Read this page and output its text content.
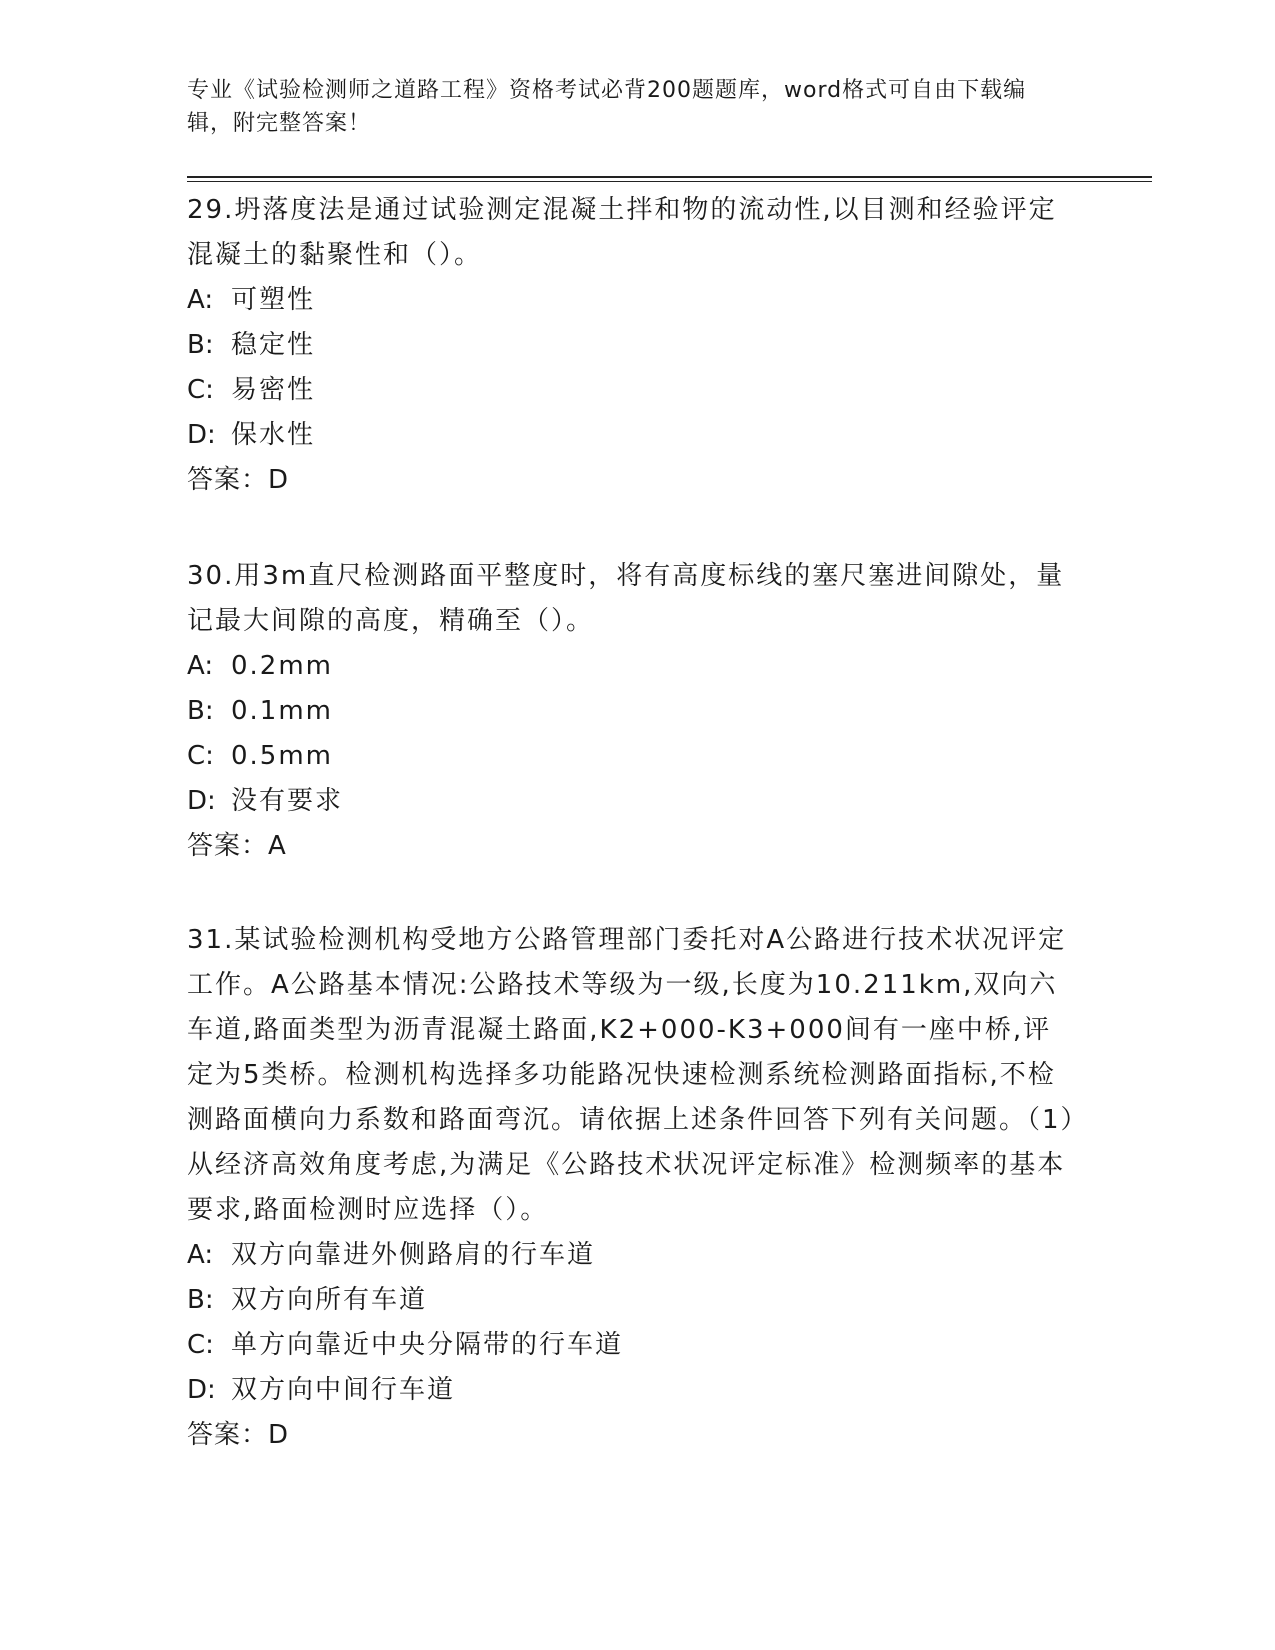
专业《试验检测师之道路工程》资格考试必背200题题库，word格式可自由下载编辑，附完整答案！

29.坍落度法是通过试验测定混凝土拌和物的流动性,以目测和经验评定混凝土的黏聚性和（）。

A: 可塑性

B: 稳定性

C: 易密性

D: 保水性

答案：D

30.用3m直尺检测路面平整度时，将有高度标线的塞尺塞进间隙处，量记最大间隙的高度，精确至（）。

A: 0.2mm

B: 0.1mm

C: 0.5mm

D: 没有要求

答案：A

31.某试验检测机构受地方公路管理部门委托对A公路进行技术状况评定工作。A公路基本情况:公路技术等级为一级,长度为10.211km,双向六车道,路面类型为沥青混凝土路面,K2+000-K3+000间有一座中桥,评定为5类桥。检测机构选择多功能路况快速检测系统检测路面指标,不检测路面横向力系数和路面弯沉。请依据上述条件回答下列有关问题。（1）从经济高效角度考虑,为满足《公路技术状况评定标准》检测频率的基本要求,路面检测时应选择（）。

A: 双方向靠进外侧路肩的行车道

B: 双方向所有车道

C: 单方向靠近中央分隔带的行车道

D: 双方向中间行车道

答案：D
